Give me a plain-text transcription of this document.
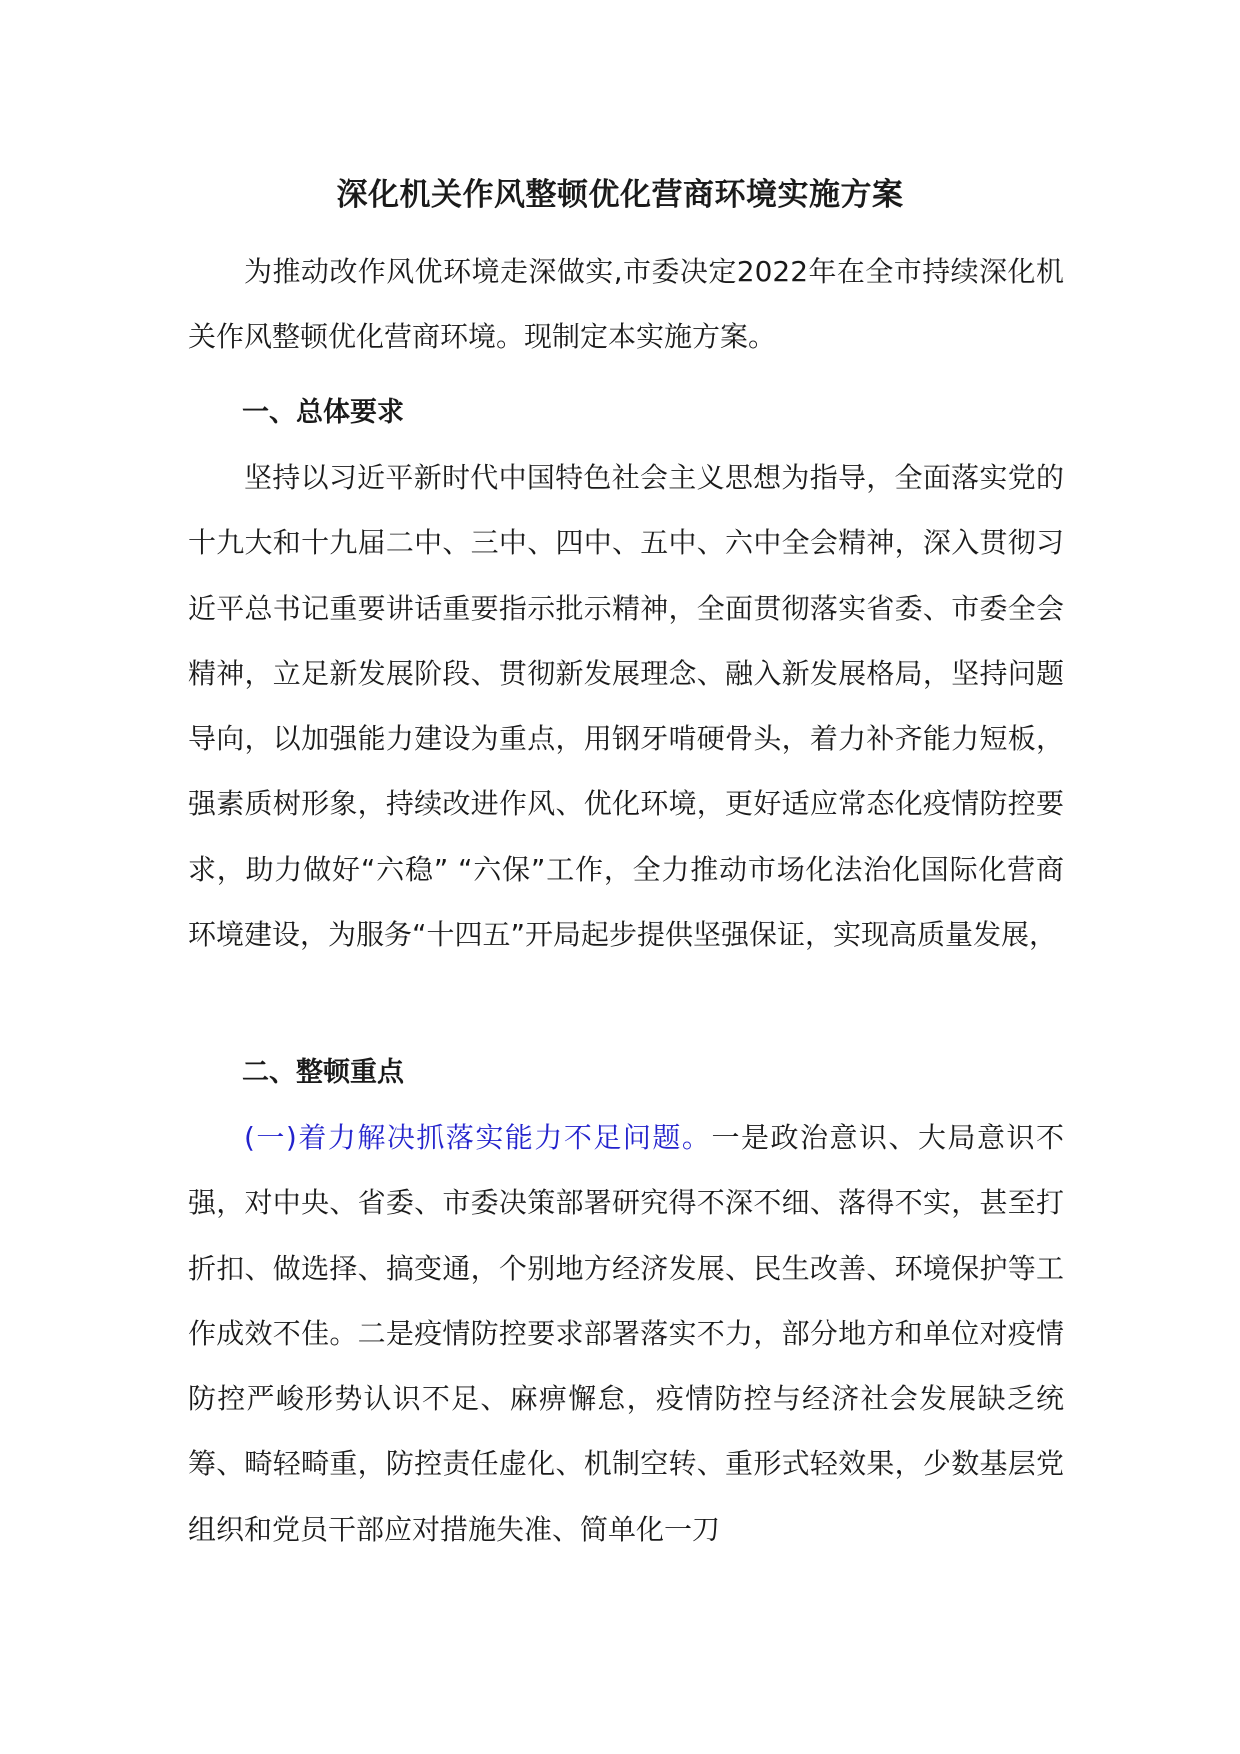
深化机关作风整顿优化营商环境实施方案

为推动改作风优环境走深做实,市委决定2022年在全市持续深化机关作风整顿优化营商环境。现制定本实施方案。

一、总体要求

坚持以习近平新时代中国特色社会主义思想为指导，全面落实党的十九大和十九届二中、三中、四中、五中、六中全会精神，深入贯彻习近平总书记重要讲话重要指示批示精神，全面贯彻落实省委、市委全会精神，立足新发展阶段、贯彻新发展理念、融入新发展格局，坚持问题导向，以加强能力建设为重点，用钢牙啃硬骨头，着力补齐能力短板，强素质树形象，持续改进作风、优化环境，更好适应常态化疫情防控要求，助力做好“六稳” “六保”工作，全力推动市场化法治化国际化营商环境建设，为服务“十四五”开局起步提供坚强保证，实现高质量发展，

二、整顿重点

(一)着力解决抓落实能力不足问题。一是政治意识、大局意识不强，对中央、省委、市委决策部署研究得不深不细、落得不实，甚至打折扣、做选择、搞变通，个别地方经济发展、民生改善、环境保护等工作成效不佳。二是疫情防控要求部署落实不力，部分地方和单位对疫情防控严峻形势认识不足、麻痹懈怠，疫情防控与经济社会发展缺乏统筹、畸轻畸重，防控责任虚化、机制空转、重形式轻效果，少数基层党组织和党员干部应对措施失准、简单化一刀
